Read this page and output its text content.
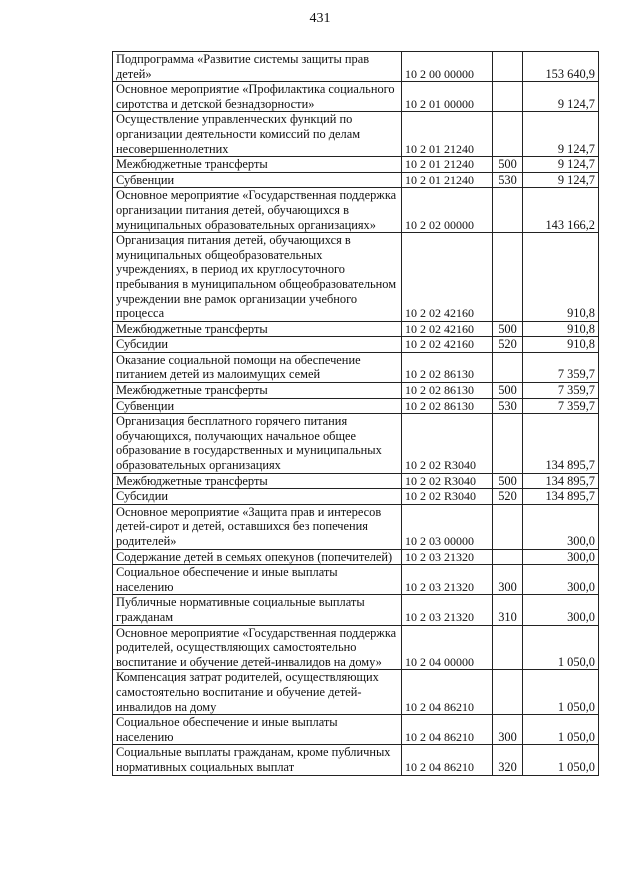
431
Подпрограмма «Развитие системы защиты прав детей»	10 2 00 00000		153 640,9
Основное мероприятие «Профилактика социального сиротства и детской безнадзорности»	10 2 01 00000		9 124,7
Осуществление управленческих функций по организации деятельности комиссий по делам несовершеннолетних	10 2 01 21240		9 124,7
Межбюджетные трансферты	10 2 01 21240	500	9 124,7
Субвенции	10 2 01 21240	530	9 124,7
Основное мероприятие «Государственная поддержка организации питания детей, обучающихся в муниципальных образовательных организациях»	10 2 02 00000		143 166,2
Организация питания детей, обучающихся в муниципальных общеобразовательных учреждениях, в период их круглосуточного пребывания в муниципальном общеобразовательном учреждении вне рамок организации учебного процесса	10 2 02 42160		910,8
Межбюджетные трансферты	10 2 02 42160	500	910,8
Субсидии	10 2 02 42160	520	910,8
Оказание социальной помощи на обеспечение питанием детей из малоимущих семей	10 2 02 86130		7 359,7
Межбюджетные трансферты	10 2 02 86130	500	7 359,7
Субвенции	10 2 02 86130	530	7 359,7
Организация бесплатного горячего питания обучающихся, получающих начальное общее образование в государственных и муниципальных образовательных организациях	10 2 02 R3040		134 895,7
Межбюджетные трансферты	10 2 02 R3040	500	134 895,7
Субсидии	10 2 02 R3040	520	134 895,7
Основное мероприятие «Защита прав и интересов детей-сирот и детей, оставшихся без попечения родителей»	10 2 03 00000		300,0
Содержание детей в семьях опекунов (попечителей)	10 2 03 21320		300,0
Социальное обеспечение и иные выплаты населению	10 2 03 21320	300	300,0
Публичные нормативные социальные выплаты гражданам	10 2 03 21320	310	300,0
Основное мероприятие «Государственная поддержка родителей, осуществляющих самостоятельно воспитание и обучение детей-инвалидов на дому»	10 2 04 00000		1 050,0
Компенсация затрат родителей, осуществляющих самостоятельно воспитание и обучение детей-инвалидов на дому	10 2 04 86210		1 050,0
Социальное обеспечение и иные выплаты населению	10 2 04 86210	300	1 050,0
Социальные выплаты гражданам, кроме публичных нормативных социальных выплат	10 2 04 86210	320	1 050,0
